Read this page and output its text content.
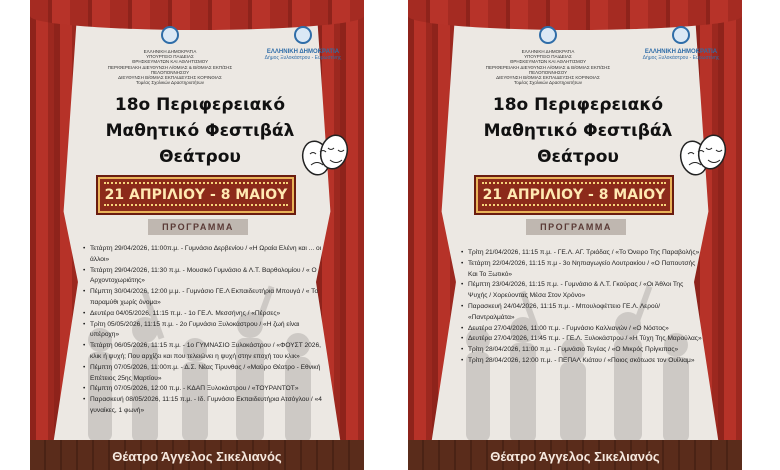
ΕΛΛΗΝΙΚΗ ΔΗΜΟΚΡΑΤΙΑ
ΥΠΟΥΡΓΕΙΟ ΠΑΙΔΕΙΑΣ
ΘΡΗΣΚΕΥΜΑΤΩΝ ΚΑΙ ΑΘΛΗΤΙΣΜΟΥ
ΠΕΡΙΦΕΡΕΙΑΚΗ ΔΙΕΥΘΥΝΣΗ Α/ΘΜΙΑΣ & Β/ΘΜΙΑΣ ΕΚΠ/ΣΗΣ
ΠΕΛΟΠΟΝΝΗΣΟΥ
ΔΙΕΥΘΥΝΣΗ Β/ΘΜΙΑΣ ΕΚΠΑΙΔΕΥΣΗΣ ΚΟΡΙΝΘΙΑΣ
Τομέας Σχολικών Δραστηριοτήτων
ΕΛΛΗΝΙΚΗ ΔΗΜΟΚΡΑΤΙΑ
Δήμος Ξυλοκάστρου - Ευρωστίνης
18ο Περιφερειακό
Μαθητικό Φεστιβάλ
Θεάτρου
21 ΑΠΡΙΛΙΟΥ - 8 ΜΑΙΟΥ
ΠΡΟΓΡΑΜΜΑ
• Τετάρτη 29/04/2026, 11:00π.μ. - Γυμνάσιο Δερβενίου / «Η Ωραία Ελένη και ... οι άλλοι»
• Τετάρτη 29/04/2026, 11:30 π.μ. - Μουσικό Γυμνάσιο & Λ.Τ. Βαρθολομίου / « Ο Αρχοντοχωριάτης»
• Πέμπτη 30/04/2026, 12:00 μ.μ. - Γυμνάσιο ΓΕ.Λ Εκπαιδευτήρια Μπουγά / « Το παραμύθι χωρίς όνομα»
• Δευτέρα 04/05/2026, 11:15 π.μ. - 1ο ΓΕ.Λ. Μεσσήνης / «Πέρσες»
• Τρίτη 05/05/2026, 11:15 π.μ. - 2ο Γυμνάσιο Ξυλοκάστρου / «Η ζωή είναι υπέροχη»
• Τετάρτη 06/05/2026, 11:15 π.μ. - 1ο ΓΥΜΝΑΣΙΟ Ξυλοκάστρου / «ΦΟΥΣΤ 2026, κλικ ή ψυχή; Που αρχίζει και που τελειώνει η ψυχή στην εποχή του κλικ»
• Πέμπτη 07/05/2026, 11:00π.μ. - Δ.Σ. Νέας Τίρυνθας / «Μαύρο Θέατρο - Εθνική Επέτειος 25ης Μαρτίου»
• Πέμπτη 07/05/2026, 12:00 π.μ. - ΚΔΑΠ Ξυλοκάστρου / «ΤΟΥΡΑΝΤΟΤ»
• Παρασκευή 08/05/2026, 11:15 π.μ. - Ιδ. Γυμνάσιο Εκπαιδευτήρια Ατσόγλου / «4 γυναίκες, 1 φωνή»
Θέατρο Άγγελος Σικελιανός
ΕΛΛΗΝΙΚΗ ΔΗΜΟΚΡΑΤΙΑ
ΥΠΟΥΡΓΕΙΟ ΠΑΙΔΕΙΑΣ
ΘΡΗΣΚΕΥΜΑΤΩΝ ΚΑΙ ΑΘΛΗΤΙΣΜΟΥ
ΠΕΡΙΦΕΡΕΙΑΚΗ ΔΙΕΥΘΥΝΣΗ Α/ΘΜΙΑΣ & Β/ΘΜΙΑΣ ΕΚΠ/ΣΗΣ
ΠΕΛΟΠΟΝΝΗΣΟΥ
ΔΙΕΥΘΥΝΣΗ Β/ΘΜΙΑΣ ΕΚΠΑΙΔΕΥΣΗΣ ΚΟΡΙΝΘΙΑΣ
Τομέας Σχολικών Δραστηριοτήτων
ΕΛΛΗΝΙΚΗ ΔΗΜΟΚΡΑΤΙΑ
Δήμος Ξυλοκάστρου - Ευρωστίνης
18ο Περιφερειακό
Μαθητικό Φεστιβάλ
Θεάτρου
21 ΑΠΡΙΛΙΟΥ - 8 ΜΑΙΟΥ
ΠΡΟΓΡΑΜΜΑ
• Τρίτη 21/04/2026, 11:15 π.μ. - ΓΕ.Λ. ΑΓ. Τριάδας / «Το Όνειρο Της Παραβολής»
• Τετάρτη 22/04/2026, 11:15 π.μ - 3ο Νηπιαγωγείο Λουτρακίου / «Ο Παπουτσής Και Το Ξωτικό»
• Πέμπτη 23/04/2026, 11:15 π.μ. - Γυμνάσιο & Λ.Τ. Γκούρας / «Οι Άθλοι Της Ψυχής / Χορεύοντας Μέσα Στον Χρόνο»
• Παρασκευή 24/04/2026, 11:15 π.μ. - Μπουλοφέττειο ΓΕ.Λ. Λερού/ «Παντραλμάτα»
• Δευτέρα 27/04/2026, 11:00 π.μ. - Γυμνάσιο Καλλιανών / «Ο Νόστος»
• Δευτέρα 27/04/2026, 11:45 π.μ. - ΓΕ.Λ. Ξυλοκάστρου / «Η Τύχη Της Μαρούλας»
• Τρίτη 28/04/2026, 11:00 π.μ. - Γυμνάσιο Τεγέας / «Ο Μικρός Πρίγκιπας»
• Τρίτη 28/04/2026, 12:00 π.μ. - ΠΕΠΑΛ Κιάτου / «Ποιος σκότωσε τον Ουίλιαμ»
Θέατρο Άγγελος Σικελιανός
